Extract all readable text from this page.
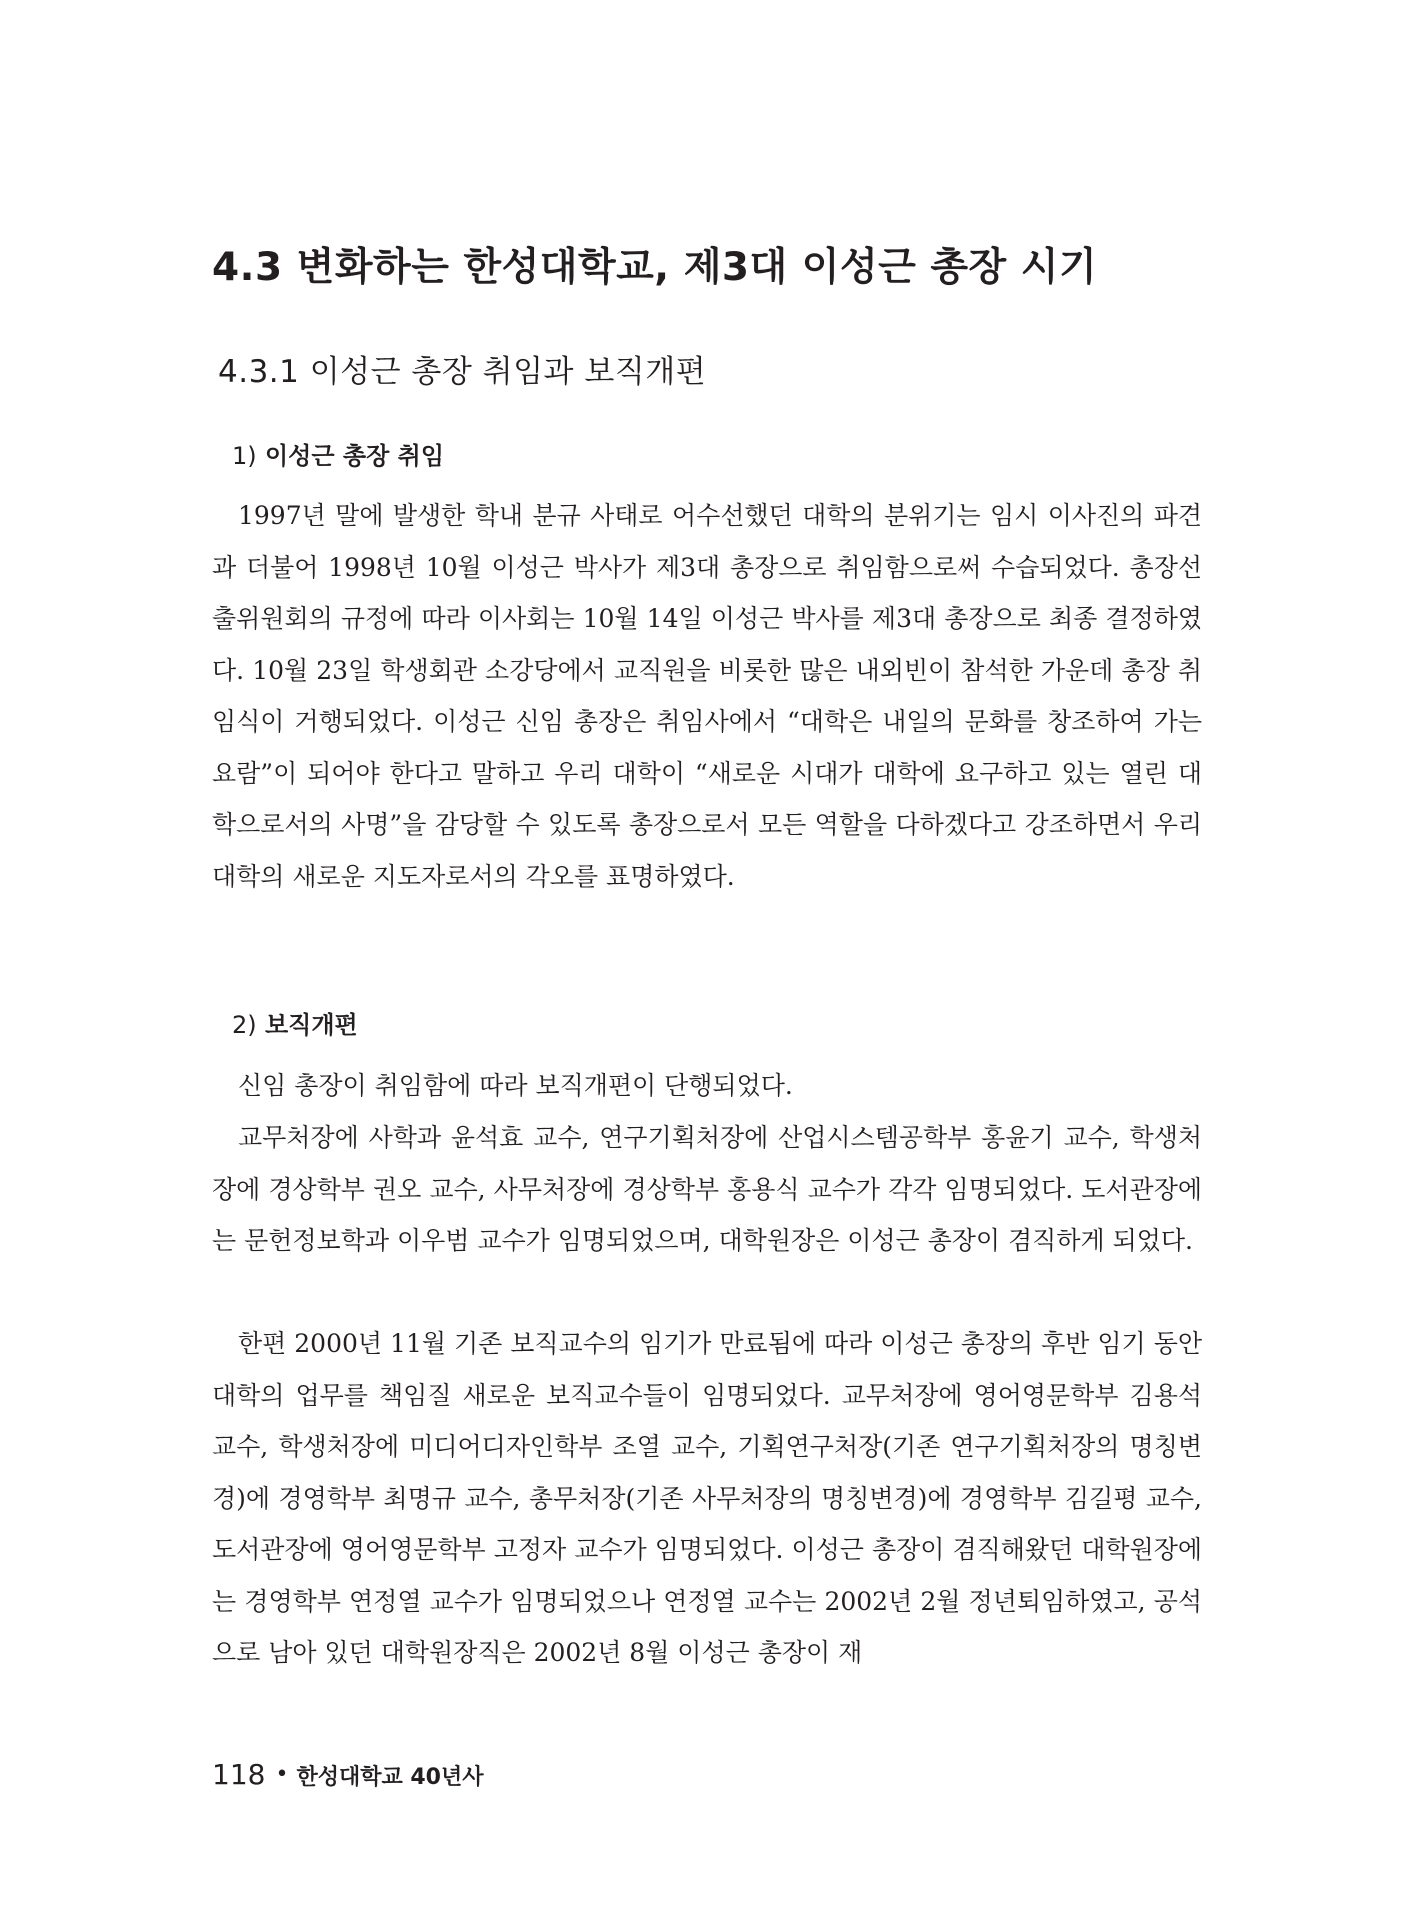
4.3 변화하는 한성대학교, 제3대 이성근 총장 시기
4.3.1 이성근 총장 취임과 보직개편
1) 이성근 총장 취임

1997년 말에 발생한 학내 분규 사태로 어수선했던 대학의 분위기는 임시 이사진의 파견과 더불어 1998년 10월 이성근 박사가 제3대 총장으로 취임함으로써 수습되었다. 총장선출위원회의 규정에 따라 이사회는 10월 14일 이성근 박사를 제3대 총장으로 최종 결정하였다. 10월 23일 학생회관 소강당에서 교직원을 비롯한 많은 내외빈이 참석한 가운데 총장 취임식이 거행되었다. 이성근 신임 총장은 취임사에서 “대학은 내일의 문화를 창조하여 가는 요람”이 되어야 한다고 말하고 우리 대학이 “새로운 시대가 대학에 요구하고 있는 열린 대학으로서의 사명”을 감당할 수 있도록 총장으로서 모든 역할을 다하겠다고 강조하면서 우리 대학의 새로운 지도자로서의 각오를 표명하였다.

2) 보직개편

신임 총장이 취임함에 따라 보직개편이 단행되었다.

교무처장에 사학과 윤석효 교수, 연구기획처장에 산업시스템공학부 홍윤기 교수, 학생처장에 경상학부 권오 교수, 사무처장에 경상학부 홍용식 교수가 각각 임명되었다. 도서관장에는 문헌정보학과 이우범 교수가 임명되었으며, 대학원장은 이성근 총장이 겸직하게 되었다.

한편 2000년 11월 기존 보직교수의 임기가 만료됨에 따라 이성근 총장의 후반 임기 동안 대학의 업무를 책임질 새로운 보직교수들이 임명되었다. 교무처장에 영어영문학부 김용석 교수, 학생처장에 미디어디자인학부 조열 교수, 기획연구처장(기존 연구기획처장의 명칭변경)에 경영학부 최명규 교수, 총무처장(기존 사무처장의 명칭변경)에 경영학부 김길평 교수, 도서관장에 영어영문학부 고정자 교수가 임명되었다. 이성근 총장이 겸직해왔던 대학원장에는 경영학부 연정열 교수가 임명되었으나 연정열 교수는 2002년 2월 정년퇴임하였고, 공석으로 남아 있던 대학원장직은 2002년 8월 이성근 총장이 재

118 • 한성대학교 40년사
